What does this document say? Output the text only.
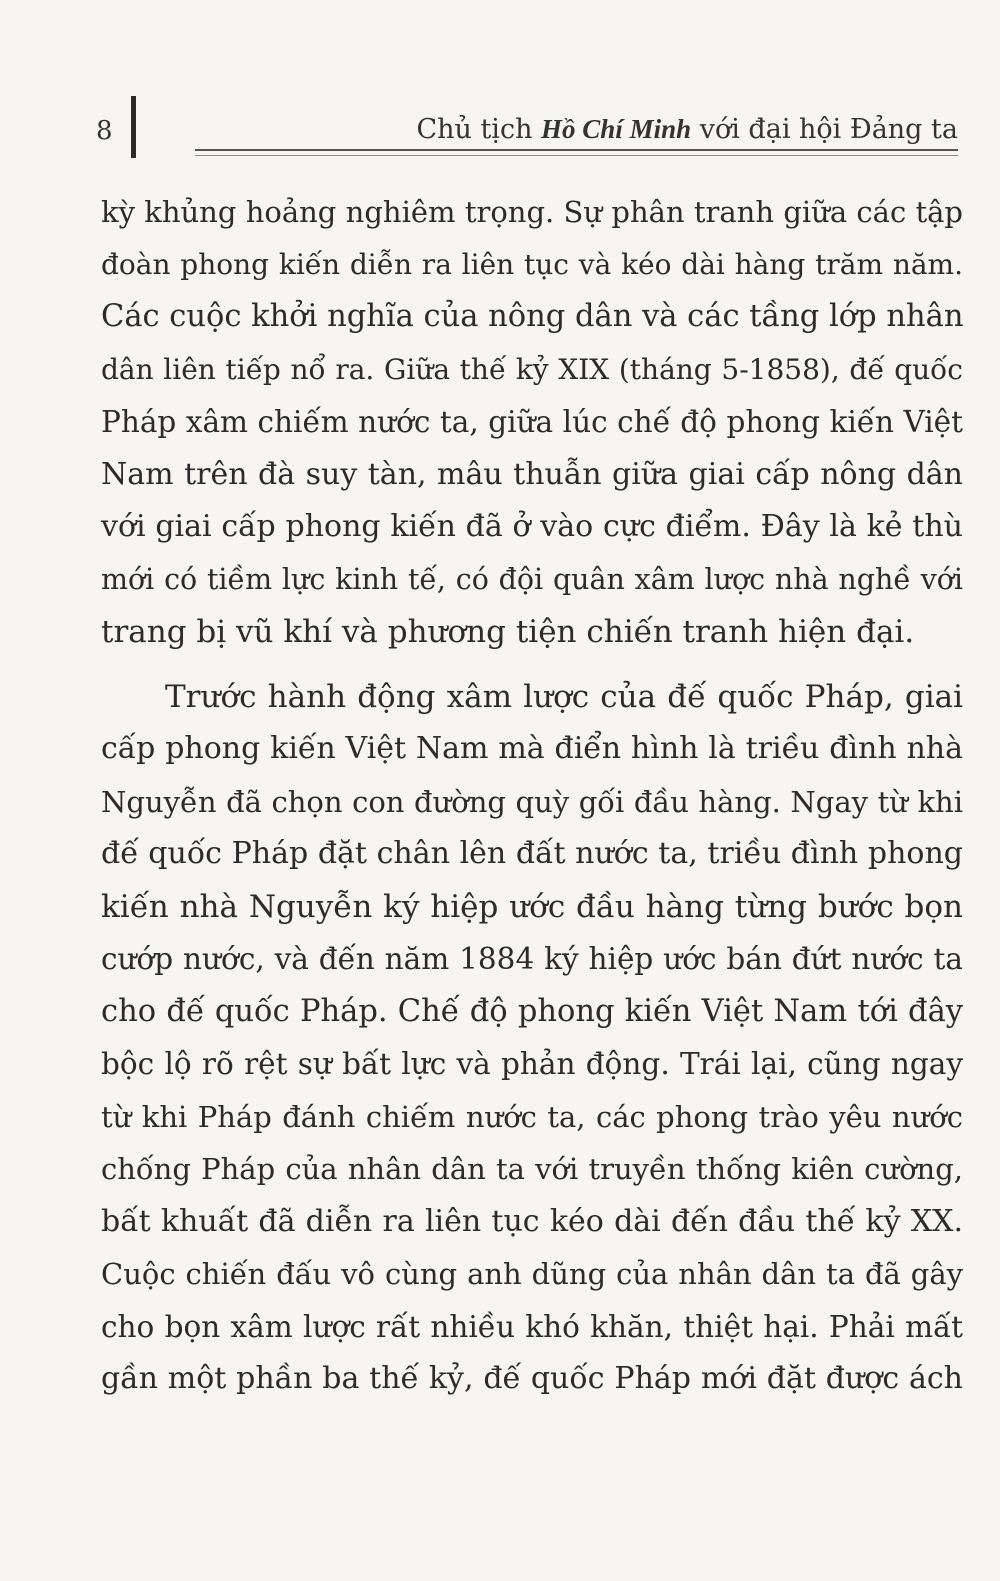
8	Chủ tịch Hồ Chí Minh với đại hội Đảng ta
kỳ khủng hoảng nghiêm trọng. Sự phân tranh giữa các tập
đoàn phong kiến diễn ra liên tục và kéo dài hàng trăm năm.
Các cuộc khởi nghĩa của nông dân và các tầng lớp nhân
dân liên tiếp nổ ra. Giữa thế kỷ XIX (tháng 5-1858), đế quốc
Pháp xâm chiếm nước ta, giữa lúc chế độ phong kiến Việt
Nam trên đà suy tàn, mâu thuẫn giữa giai cấp nông dân
với giai cấp phong kiến đã ở vào cực điểm. Đây là kẻ thù
mới có tiềm lực kinh tế, có đội quân xâm lược nhà nghề với
trang bị vũ khí và phương tiện chiến tranh hiện đại.
Trước hành động xâm lược của đế quốc Pháp, giai
cấp phong kiến Việt Nam mà điển hình là triều đình nhà
Nguyễn đã chọn con đường quỳ gối đầu hàng. Ngay từ khi
đế quốc Pháp đặt chân lên đất nước ta, triều đình phong
kiến nhà Nguyễn ký hiệp ước đầu hàng từng bước bọn
cướp nước, và đến năm 1884 ký hiệp ước bán đứt nước ta
cho đế quốc Pháp. Chế độ phong kiến Việt Nam tới đây
bộc lộ rõ rệt sự bất lực và phản động. Trái lại, cũng ngay
từ khi Pháp đánh chiếm nước ta, các phong trào yêu nước
chống Pháp của nhân dân ta với truyền thống kiên cường,
bất khuất đã diễn ra liên tục kéo dài đến đầu thế kỷ XX.
Cuộc chiến đấu vô cùng anh dũng của nhân dân ta đã gây
cho bọn xâm lược rất nhiều khó khăn, thiệt hại. Phải mất
gần một phần ba thế kỷ, đế quốc Pháp mới đặt được ách
